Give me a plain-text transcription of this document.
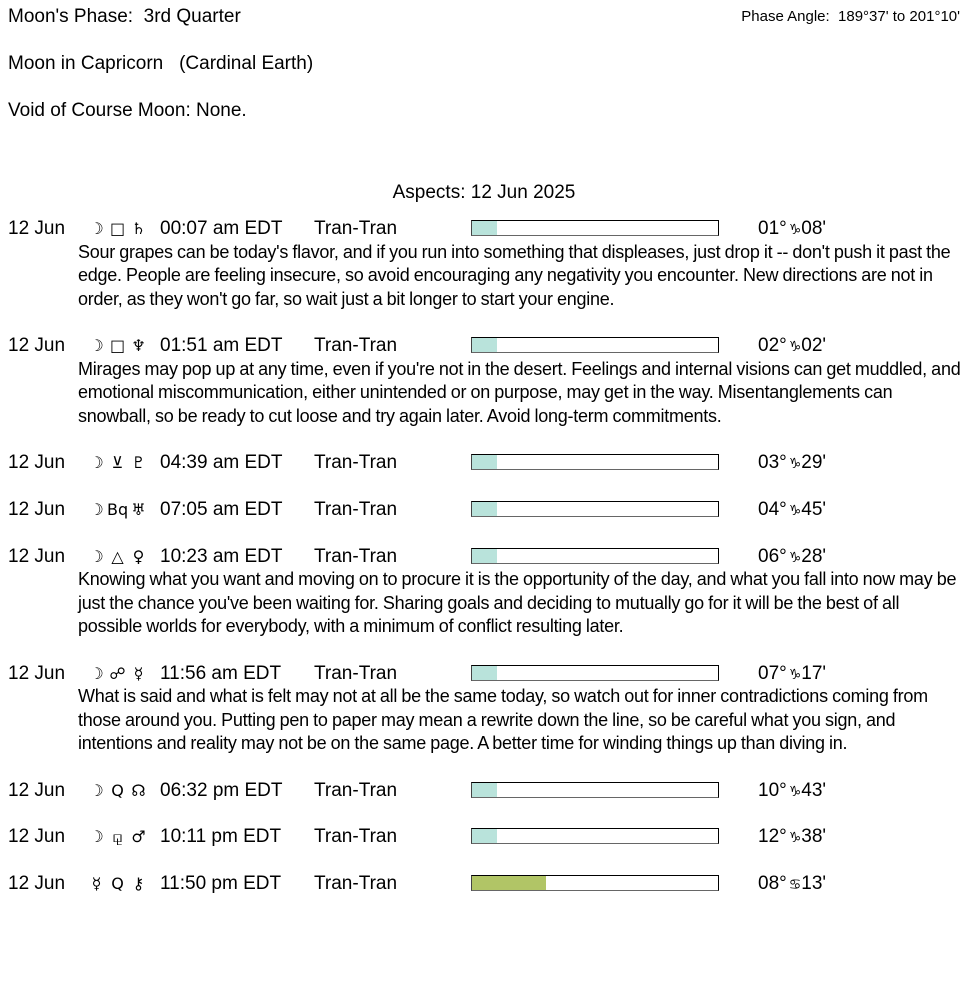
Moon's Phase:  3rd Quarter	Phase Angle:  189°37' to 201°10'
Moon in Capricorn   (Cardinal Earth)
Void of Course Moon: None.
Aspects: 12 Jun 2025
12 Jun ☽ □ ♄ 00:07 am EDT Tran-Tran	01° ♑08'
Sour grapes can be today's flavor, and if you run into something that displeases, just drop it -- don't push it past the edge. People are feeling insecure, so avoid encouraging any negativity you encounter. New directions are not in order, as they won't go far, so wait just a bit longer to start your engine.
12 Jun ☽ □ ♆ 01:51 am EDT Tran-Tran	02° ♑02'
Mirages may pop up at any time, even if you're not in the desert. Feelings and internal visions can get muddled, and emotional miscommunication, either unintended or on purpose, may get in the way. Misentanglements can snowball, so be ready to cut loose and try again later. Avoid long-term commitments.
12 Jun ☽ ⊻ ♇ 04:39 am EDT Tran-Tran	03° ♑29'
12 Jun ☽ Bq ♅ 07:05 am EDT Tran-Tran	04° ♑45'
12 Jun ☽ △ ♀ 10:23 am EDT Tran-Tran	06° ♑28'
Knowing what you want and moving on to procure it is the opportunity of the day, and what you fall into now may be just the chance you've been waiting for. Sharing goals and deciding to mutually go for it will be the best of all possible worlds for everybody, with a minimum of conflict resulting later.
12 Jun ☽ ☍ ☿ 11:56 am EDT Tran-Tran	07° ♑17'
What is said and what is felt may not at all be the same today, so watch out for inner contradictions coming from those around you. Putting pen to paper may mean a rewrite down the line, so be careful what you sign, and intentions and reality may not be on the same page. A better time for winding things up than diving in.
12 Jun ☽ Q ☊ 06:32 pm EDT Tran-Tran	10° ♑43'
12 Jun ☽ ⚼ ♂ 10:11 pm EDT Tran-Tran	12° ♑38'
12 Jun	☿ Q ⚷ 11:50 pm EDT Tran-Tran	08° ♋13'
